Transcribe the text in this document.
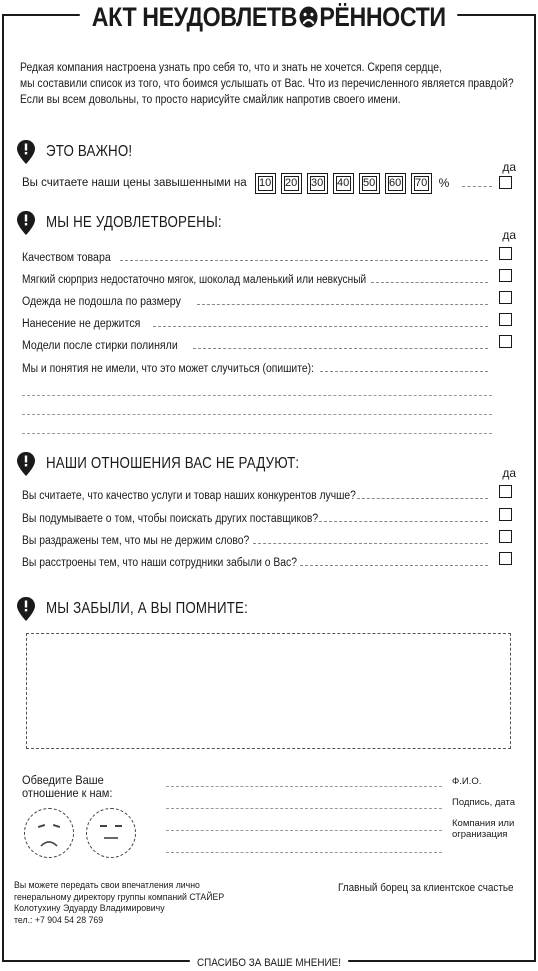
АКТ НЕУДОВЛЕТВ РЁННОСТИ
Редкая компания настроена узнать про себя то, что и знать не хочется. Скрепя сердце,
мы составили список из того, что боимся услышать от Вас. Что из перечисленного является правдой?
Если вы всем довольны, то просто нарисуйте смайлик напротив своего имени.
ЭТО ВАЖНО!
да
Вы считаете наши цены завышенными на 10 20 30 40 50 60 70 %
МЫ НЕ УДОВЛЕТВОРЕНЫ:
да
Качеством товара
Мягкий сюрприз недостаточно мягок, шоколад маленький или невкусный
Одежда не подошла по размеру
Нанесение не держится
Модели после стирки полиняли
Мы и понятия не имели, что это может случиться (опишите):
НАШИ ОТНОШЕНИЯ ВАС НЕ РАДУЮТ:
да
Вы считаете, что качество услуги и товар наших конкурентов лучше?
Вы подумываете о том, чтобы поискать других поставщиков?
Вы раздражены тем, что мы не держим слово?
Вы расстроены тем, что наши сотрудники забыли о Вас?
МЫ ЗАБЫЛИ, А ВЫ ПОМНИТЕ:
Обведите Ваше
отношение к нам:
Ф.И.О.
Подпись, дата
Компания или
огранизация
Вы можете передать свои впечатления лично
генеральному директору группы компаний СТАЙЕР
Колотухину Эдуарду Владимировичу
тел.: +7 904 54 28 769
Главный борец за клиентское счастье
СПАСИБО ЗА ВАШЕ МНЕНИЕ!
